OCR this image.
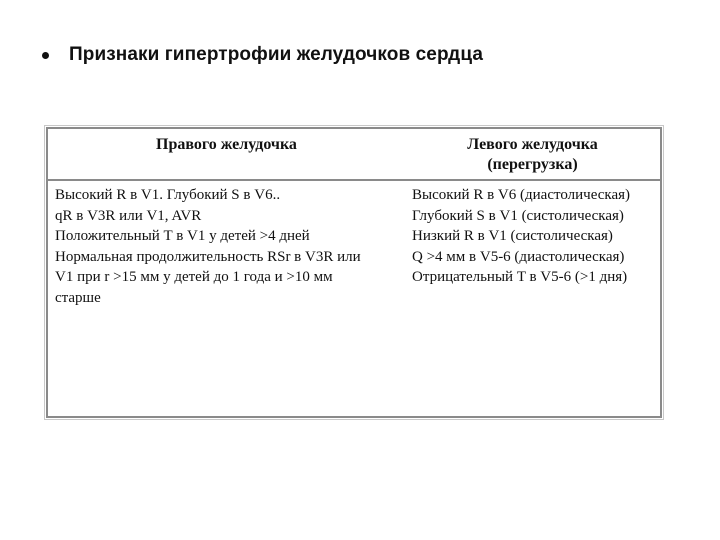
Признаки гипертрофии желудочков сердца
Правого желудочка	Левого желудочка
(перегрузка)
Высокий R в V1. Глубокий S в V6..
qR в V3R или V1, AVR
Положительный T в V1 у детей >4 дней
Нормальная продолжительность RSr в V3R или
V1 при r >15 мм у детей до 1 года и >10 мм
старше
Высокий R в V6 (диастолическая)
Глубокий S в V1 (систолическая)
Низкий R в V1 (систолическая)
Q >4 мм в V5-6 (диастолическая)
Отрицательный T в V5-6 (>1 дня)
